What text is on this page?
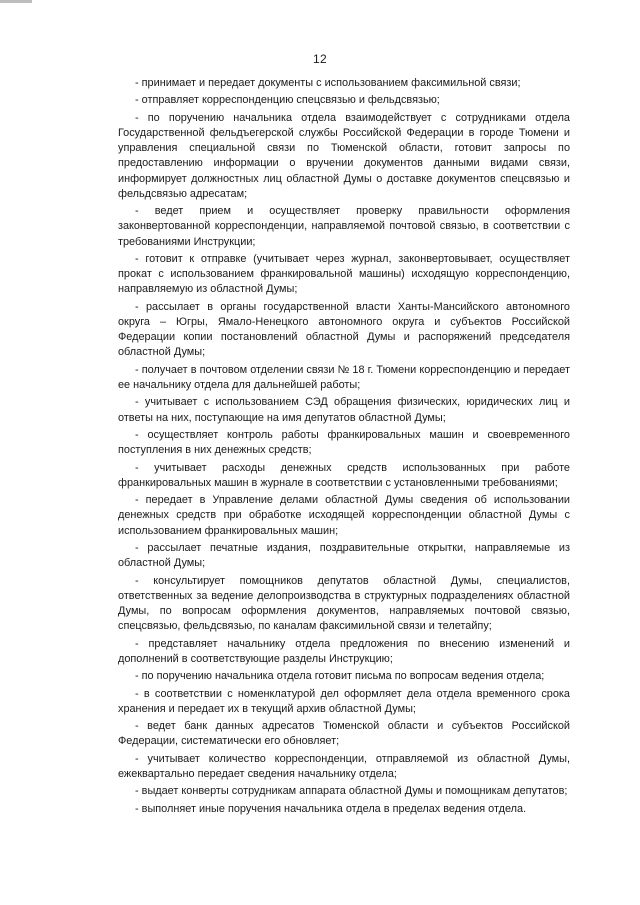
12

- принимает и передает документы с использованием факсимильной связи;

- отправляет корреспонденцию спецсвязью и фельдсвязью;

- по поручению начальника отдела взаимодействует с сотрудниками отдела Государственной фельдъегерской службы Российской Федерации в городе Тюмени и управления специальной связи по Тюменской области, готовит запросы по предоставлению информации о вручении документов данными видами связи, информирует должностных лиц областной Думы о доставке документов спецсвязью и фельдсвязью адресатам;

- ведет прием и осуществляет проверку правильности оформления законвертованной корреспонденции, направляемой почтовой связью, в соответствии с требованиями Инструкции;

- готовит к отправке (учитывает через журнал, законвертовывает, осуществляет прокат с использованием франкировальной машины) исходящую корреспонденцию, направляемую из областной Думы;

- рассылает в органы государственной власти Ханты-Мансийского автономного округа – Югры, Ямало-Ненецкого автономного округа и субъектов Российской Федерации копии постановлений областной Думы и распоряжений председателя областной Думы;

- получает в почтовом отделении связи № 18 г. Тюмени корреспонденцию и передает ее начальнику отдела для дальнейшей работы;

- учитывает с использованием СЭД обращения физических, юридических лиц и ответы на них, поступающие на имя депутатов областной Думы;

- осуществляет контроль работы франкировальных машин и своевременного поступления в них денежных средств;

- учитывает расходы денежных средств использованных при работе франкировальных машин в журнале в соответствии с установленными требованиями;

- передает в Управление делами областной Думы сведения об использовании денежных средств при обработке исходящей корреспонденции областной Думы с использованием франкировальных машин;

- рассылает печатные издания, поздравительные открытки, направляемые из областной Думы;

- консультирует помощников депутатов областной Думы, специалистов, ответственных за ведение делопроизводства в структурных подразделениях областной Думы, по вопросам оформления документов, направляемых почтовой связью, спецсвязью, фельдсвязью, по каналам факсимильной связи и телетайпу;

- представляет начальнику отдела предложения по внесению изменений и дополнений в соответствующие разделы Инструкцию;

- по поручению начальника отдела готовит письма по вопросам ведения отдела;

- в соответствии с номенклатурой дел оформляет дела отдела временного срока хранения и передает их в текущий архив областной Думы;

- ведет банк данных адресатов Тюменской области и субъектов Российской Федерации, систематически его обновляет;

- учитывает количество корреспонденции, отправляемой из областной Думы, ежеквартально передает сведения начальнику отдела;

- выдает конверты сотрудникам аппарата областной Думы и помощникам депутатов;

- выполняет иные поручения начальника отдела в пределах ведения отдела.
